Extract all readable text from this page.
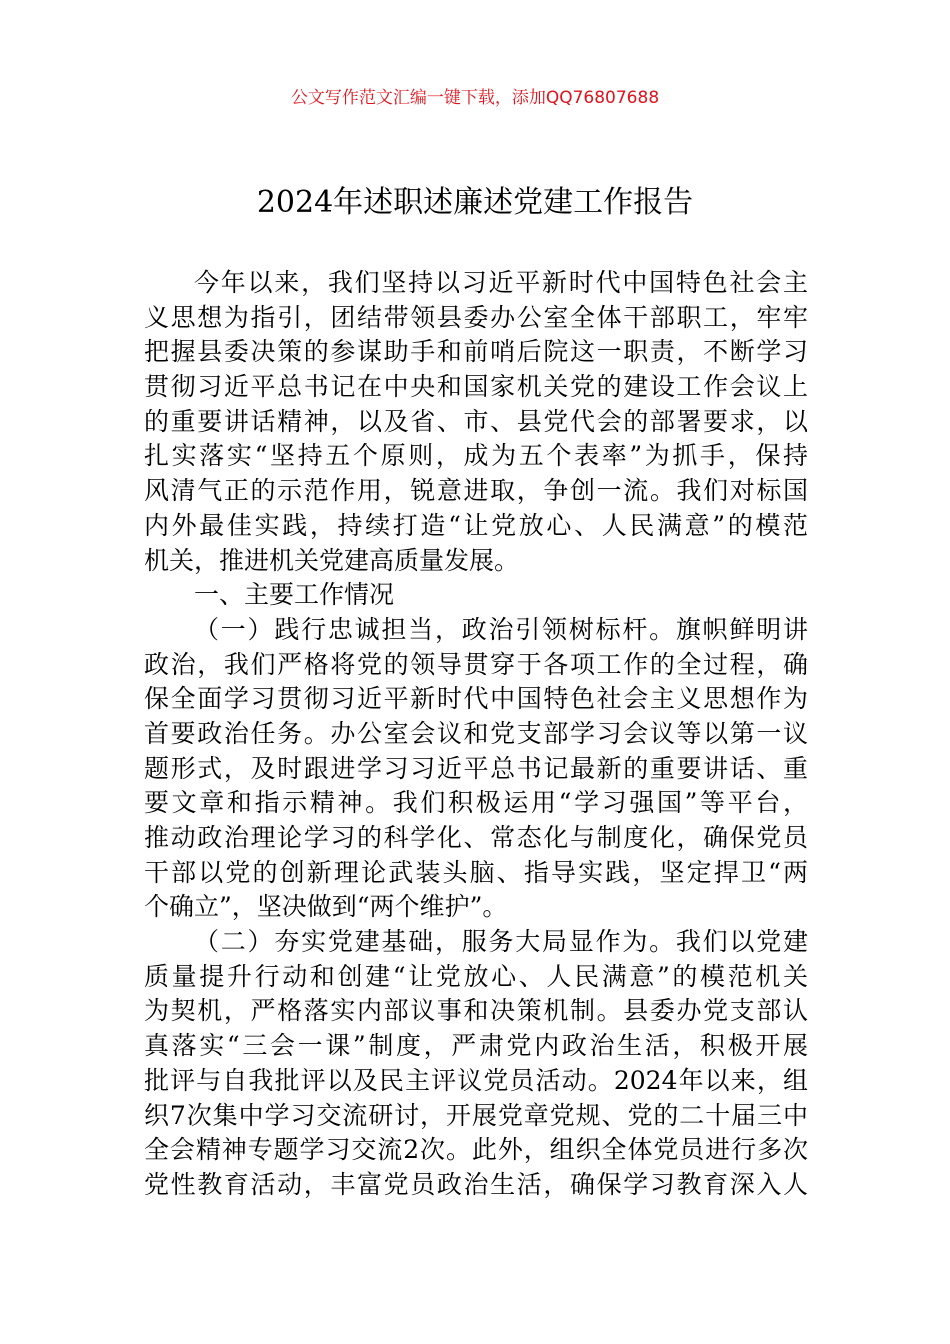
公文写作范文汇编一键下载，添加QQ76807688
2024年述职述廉述党建工作报告
今年以来，我们坚持以习近平新时代中国特色社会主
义思想为指引，团结带领县委办公室全体干部职工，牢牢
把握县委决策的参谋助手和前哨后院这一职责，不断学习
贯彻习近平总书记在中央和国家机关党的建设工作会议上
的重要讲话精神，以及省、市、县党代会的部署要求，以
扎实落实“坚持五个原则，成为五个表率”为抓手，保持
风清气正的示范作用，锐意进取，争创一流。我们对标国
内外最佳实践，持续打造“让党放心、人民满意”的模范
机关，推进机关党建高质量发展。
一、主要工作情况
（一）践行忠诚担当，政治引领树标杆。旗帜鲜明讲
政治，我们严格将党的领导贯穿于各项工作的全过程，确
保全面学习贯彻习近平新时代中国特色社会主义思想作为
首要政治任务。办公室会议和党支部学习会议等以第一议
题形式，及时跟进学习习近平总书记最新的重要讲话、重
要文章和指示精神。我们积极运用“学习强国”等平台，
推动政治理论学习的科学化、常态化与制度化，确保党员
干部以党的创新理论武装头脑、指导实践，坚定捍卫“两
个确立”，坚决做到“两个维护”。
（二）夯实党建基础，服务大局显作为。我们以党建
质量提升行动和创建“让党放心、人民满意”的模范机关
为契机，严格落实内部议事和决策机制。县委办党支部认
真落实“三会一课”制度，严肃党内政治生活，积极开展
批评与自我批评以及民主评议党员活动。2024年以来，组
织7次集中学习交流研讨，开展党章党规、党的二十届三中
全会精神专题学习交流2次。此外，组织全体党员进行多次
党性教育活动，丰富党员政治生活，确保学习教育深入人
